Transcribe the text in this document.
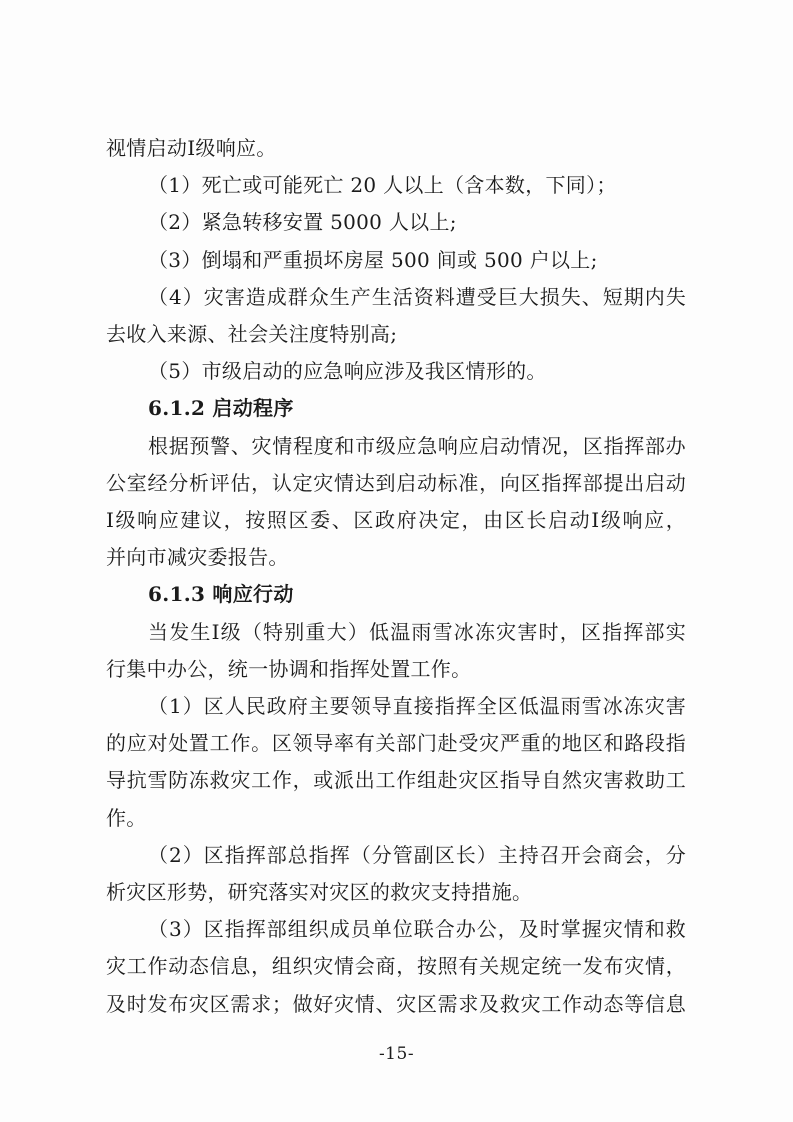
视情启动Ⅰ级响应。
（1）死亡或可能死亡 20 人以上（含本数，下同）；
（2）紧急转移安置 5000 人以上;
（3）倒塌和严重损坏房屋 500 间或 500 户以上;
（4）灾害造成群众生产生活资料遭受巨大损失、短期内失
去收入来源、社会关注度特别高;
（5）市级启动的应急响应涉及我区情形的。
6.1.2 启动程序
根据预警、灾情程度和市级应急响应启动情况，区指挥部办
公室经分析评估，认定灾情达到启动标准，向区指挥部提出启动
Ⅰ级响应建议，按照区委、区政府决定，由区长启动Ⅰ级响应，
并向市减灾委报告。
6.1.3 响应行动
当发生Ⅰ级（特别重大）低温雨雪冰冻灾害时，区指挥部实
行集中办公，统一协调和指挥处置工作。
（1）区人民政府主要领导直接指挥全区低温雨雪冰冻灾害
的应对处置工作。区领导率有关部门赴受灾严重的地区和路段指
导抗雪防冻救灾工作，或派出工作组赴灾区指导自然灾害救助工
作。
（2）区指挥部总指挥（分管副区长）主持召开会商会，分
析灾区形势，研究落实对灾区的救灾支持措施。
（3）区指挥部组织成员单位联合办公，及时掌握灾情和救
灾工作动态信息，组织灾情会商，按照有关规定统一发布灾情，
及时发布灾区需求；做好灾情、灾区需求及救灾工作动态等信息
-15-
